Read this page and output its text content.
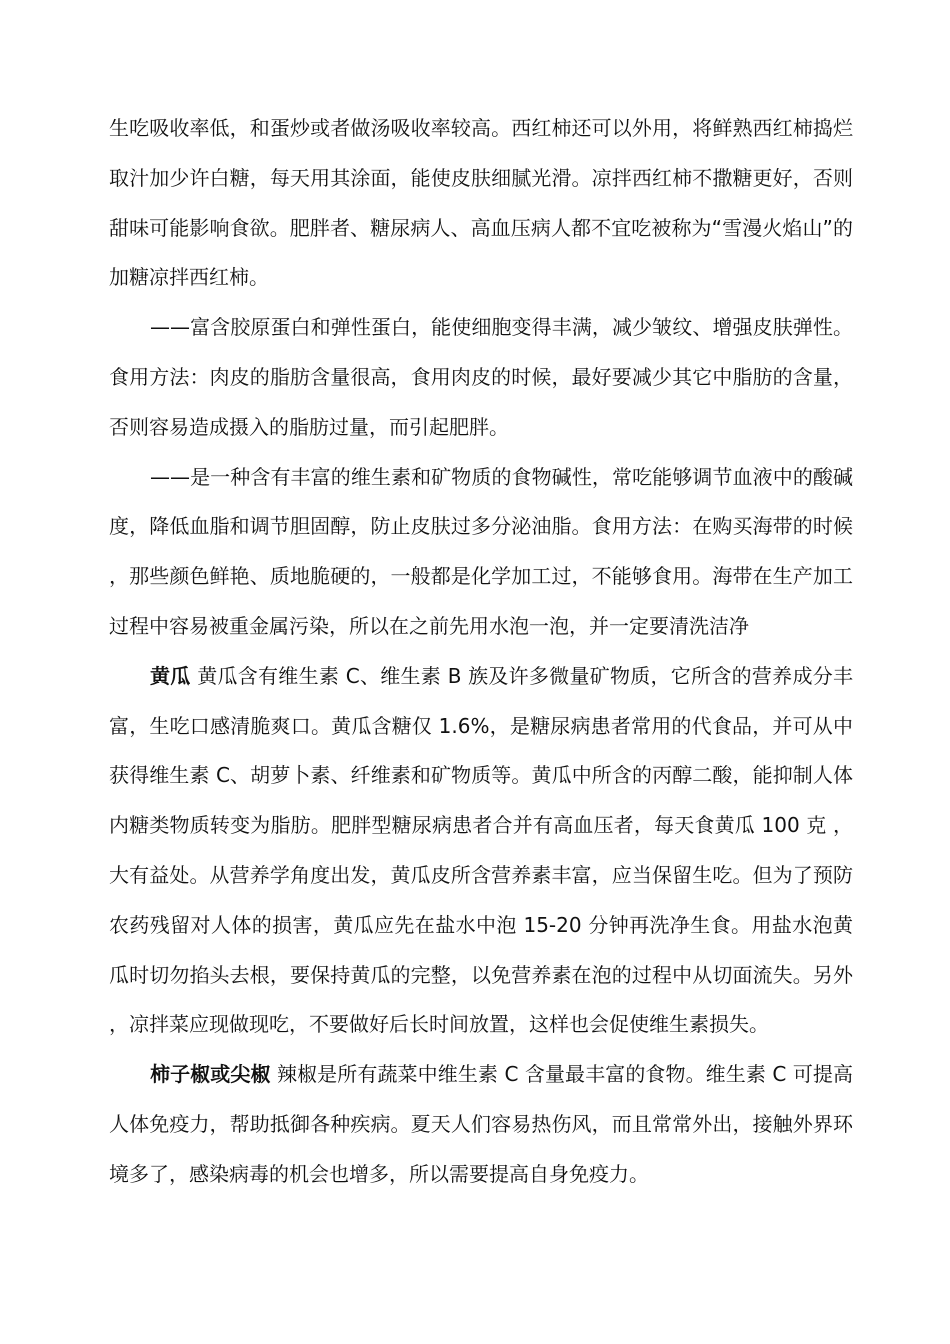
生吃吸收率低，和蛋炒或者做汤吸收率较高。西红柿还可以外用，将鲜熟西红柿捣烂取汁加少许白糖，每天用其涂面，能使皮肤细腻光滑。凉拌西红柿不撒糖更好，否则甜味可能影响食欲。肥胖者、糖尿病人、高血压病人都不宜吃被称为“雪漫火焰山”的加糖凉拌西红柿。

——富含胶原蛋白和弹性蛋白，能使细胞变得丰满，减少皱纹、增强皮肤弹性。食用方法：肉皮的脂肪含量很高，食用肉皮的时候，最好要减少其它中脂肪的含量，否则容易造成摄入的脂肪过量，而引起肥胖。

——是一种含有丰富的维生素和矿物质的食物碱性，常吃能够调节血液中的酸碱度，降低血脂和调节胆固醇，防止皮肤过多分泌油脂。食用方法：在购买海带的时候，那些颜色鲜艳、质地脆硬的，一般都是化学加工过，不能够食用。海带在生产加工过程中容易被重金属污染，所以在之前先用水泡一泡，并一定要清洗洁净

黄瓜 黄瓜含有维生素 C、维生素 B 族及许多微量矿物质，它所含的营养成分丰富，生吃口感清脆爽口。黄瓜含糖仅 1.6%，是糖尿病患者常用的代食品，并可从中获得维生素 C、胡萝卜素、纤维素和矿物质等。黄瓜中所含的丙醇二酸，能抑制人体内糖类物质转变为脂肪。肥胖型糖尿病患者合并有高血压者，每天食黄瓜 100 克 ，大有益处。从营养学角度出发，黄瓜皮所含营养素丰富，应当保留生吃。但为了预防农药残留对人体的损害，黄瓜应先在盐水中泡 15-20 分钟再洗净生食。用盐水泡黄瓜时切勿掐头去根，要保持黄瓜的完整，以免营养素在泡的过程中从切面流失。另外，凉拌菜应现做现吃，不要做好后长时间放置，这样也会促使维生素损失。

柿子椒或尖椒 辣椒是所有蔬菜中维生素 C 含量最丰富的食物。维生素 C 可提高人体免疫力，帮助抵御各种疾病。夏天人们容易热伤风，而且常常外出，接触外界环境多了，感染病毒的机会也增多，所以需要提高自身免疫力。
